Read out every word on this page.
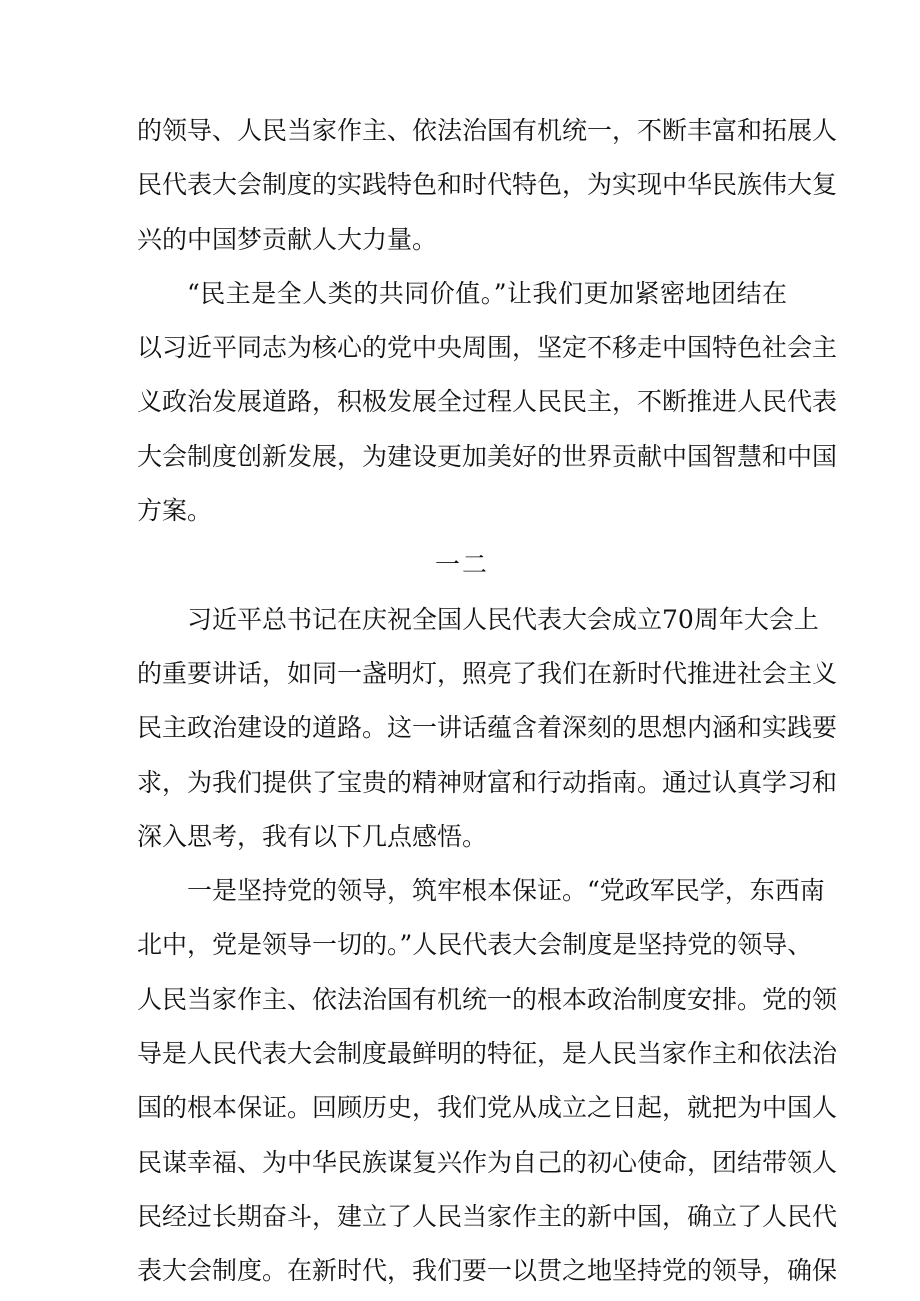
的领导、人民当家作主、依法治国有机统一，不断丰富和拓展人
民代表大会制度的实践特色和时代特色，为实现中华民族伟大复
兴的中国梦贡献人大力量。
“民主是全人类的共同价值。”让我们更加紧密地团结在
以习近平同志为核心的党中央周围，坚定不移走中国特色社会主
义政治发展道路，积极发展全过程人民民主，不断推进人民代表
大会制度创新发展，为建设更加美好的世界贡献中国智慧和中国
方案。
一二
习近平总书记在庆祝全国人民代表大会成立70周年大会上
的重要讲话，如同一盏明灯，照亮了我们在新时代推进社会主义
民主政治建设的道路。这一讲话蕴含着深刻的思想内涵和实践要
求，为我们提供了宝贵的精神财富和行动指南。通过认真学习和
深入思考，我有以下几点感悟。
一是坚持党的领导，筑牢根本保证。“党政军民学，东西南
北中，党是领导一切的。”人民代表大会制度是坚持党的领导、
人民当家作主、依法治国有机统一的根本政治制度安排。党的领
导是人民代表大会制度最鲜明的特征，是人民当家作主和依法治
国的根本保证。回顾历史，我们党从成立之日起，就把为中国人
民谋幸福、为中华民族谋复兴作为自己的初心使命，团结带领人
民经过长期奋斗，建立了人民当家作主的新中国，确立了人民代
表大会制度。在新时代，我们要一以贯之地坚持党的领导，确保
